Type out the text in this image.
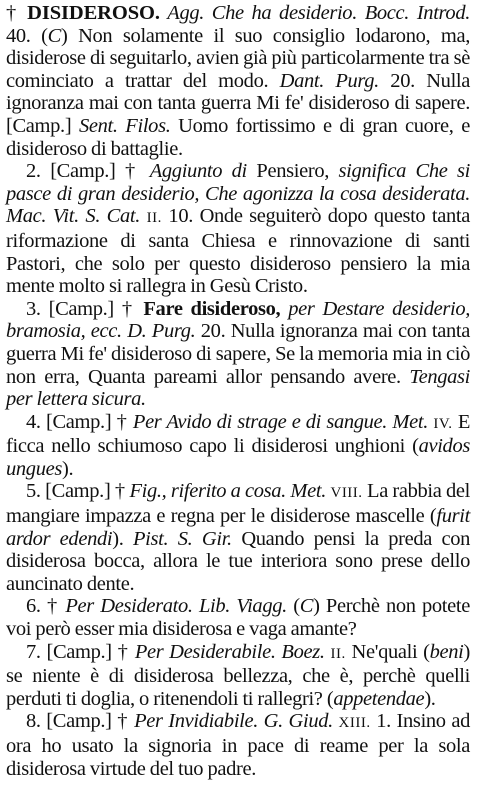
† DISIDEROSO. Agg. Che ha desiderio. Bocc. Introd. 40. (C) Non solamente il suo consiglio lodarono, ma, disiderose di seguitarlo, avien già più particolarmente tra sè cominciato a trattar del modo. Dant. Purg. 20. Nulla ignoranza mai con tanta guerra Mi fe' disideroso di sapere. [Camp.] Sent. Filos. Uomo fortissimo e di gran cuore, e disideroso di battaglie.

2. [Camp.] † Aggiunto di Pensiero, significa Che si pasce di gran desiderio, Che agonizza la cosa desiderata. Mac. Vit. S. Cat. II. 10. Onde seguiterò dopo questo tanta riformazione di santa Chiesa e rinnovazione di santi Pastori, che solo per questo disideroso pensiero la mia mente molto si rallegra in Gesù Cristo.

3. [Camp.] † Fare disideroso, per Destare desiderio, bramosia, ecc. D. Purg. 20. Nulla ignoranza mai con tanta guerra Mi fe' disideroso di sapere, Se la memoria mia in ciò non erra, Quanta pareami allor pensando avere. Tengasi per lettera sicura.

4. [Camp.] † Per Avido di strage e di sangue. Met. IV. E ficca nello schiumoso capo li disiderosi unghioni (avidos ungues).

5. [Camp.] † Fig., riferito a cosa. Met. VIII. La rabbia del mangiare impazza e regna per le disiderose mascelle (furit ardor edendi). Pist. S. Gir. Quando pensi la preda con disiderosa bocca, allora le tue interiora sono prese dello auncinato dente.

6. † Per Desiderato. Lib. Viagg. (C) Perchè non potete voi però esser mia disiderosa e vaga amante?

7. [Camp.] † Per Desiderabile. Boez. II. Ne'quali (beni) se niente è di disiderosa bellezza, che è, perchè quelli perduti ti doglia, o ritenendoli ti rallegri? (appetendae).

8. [Camp.] † Per Invidiabile. G. Giud. XIII. 1. Insino ad ora ho usato la signoria in pace di reame per la sola disiderosa virtude del tuo padre.
